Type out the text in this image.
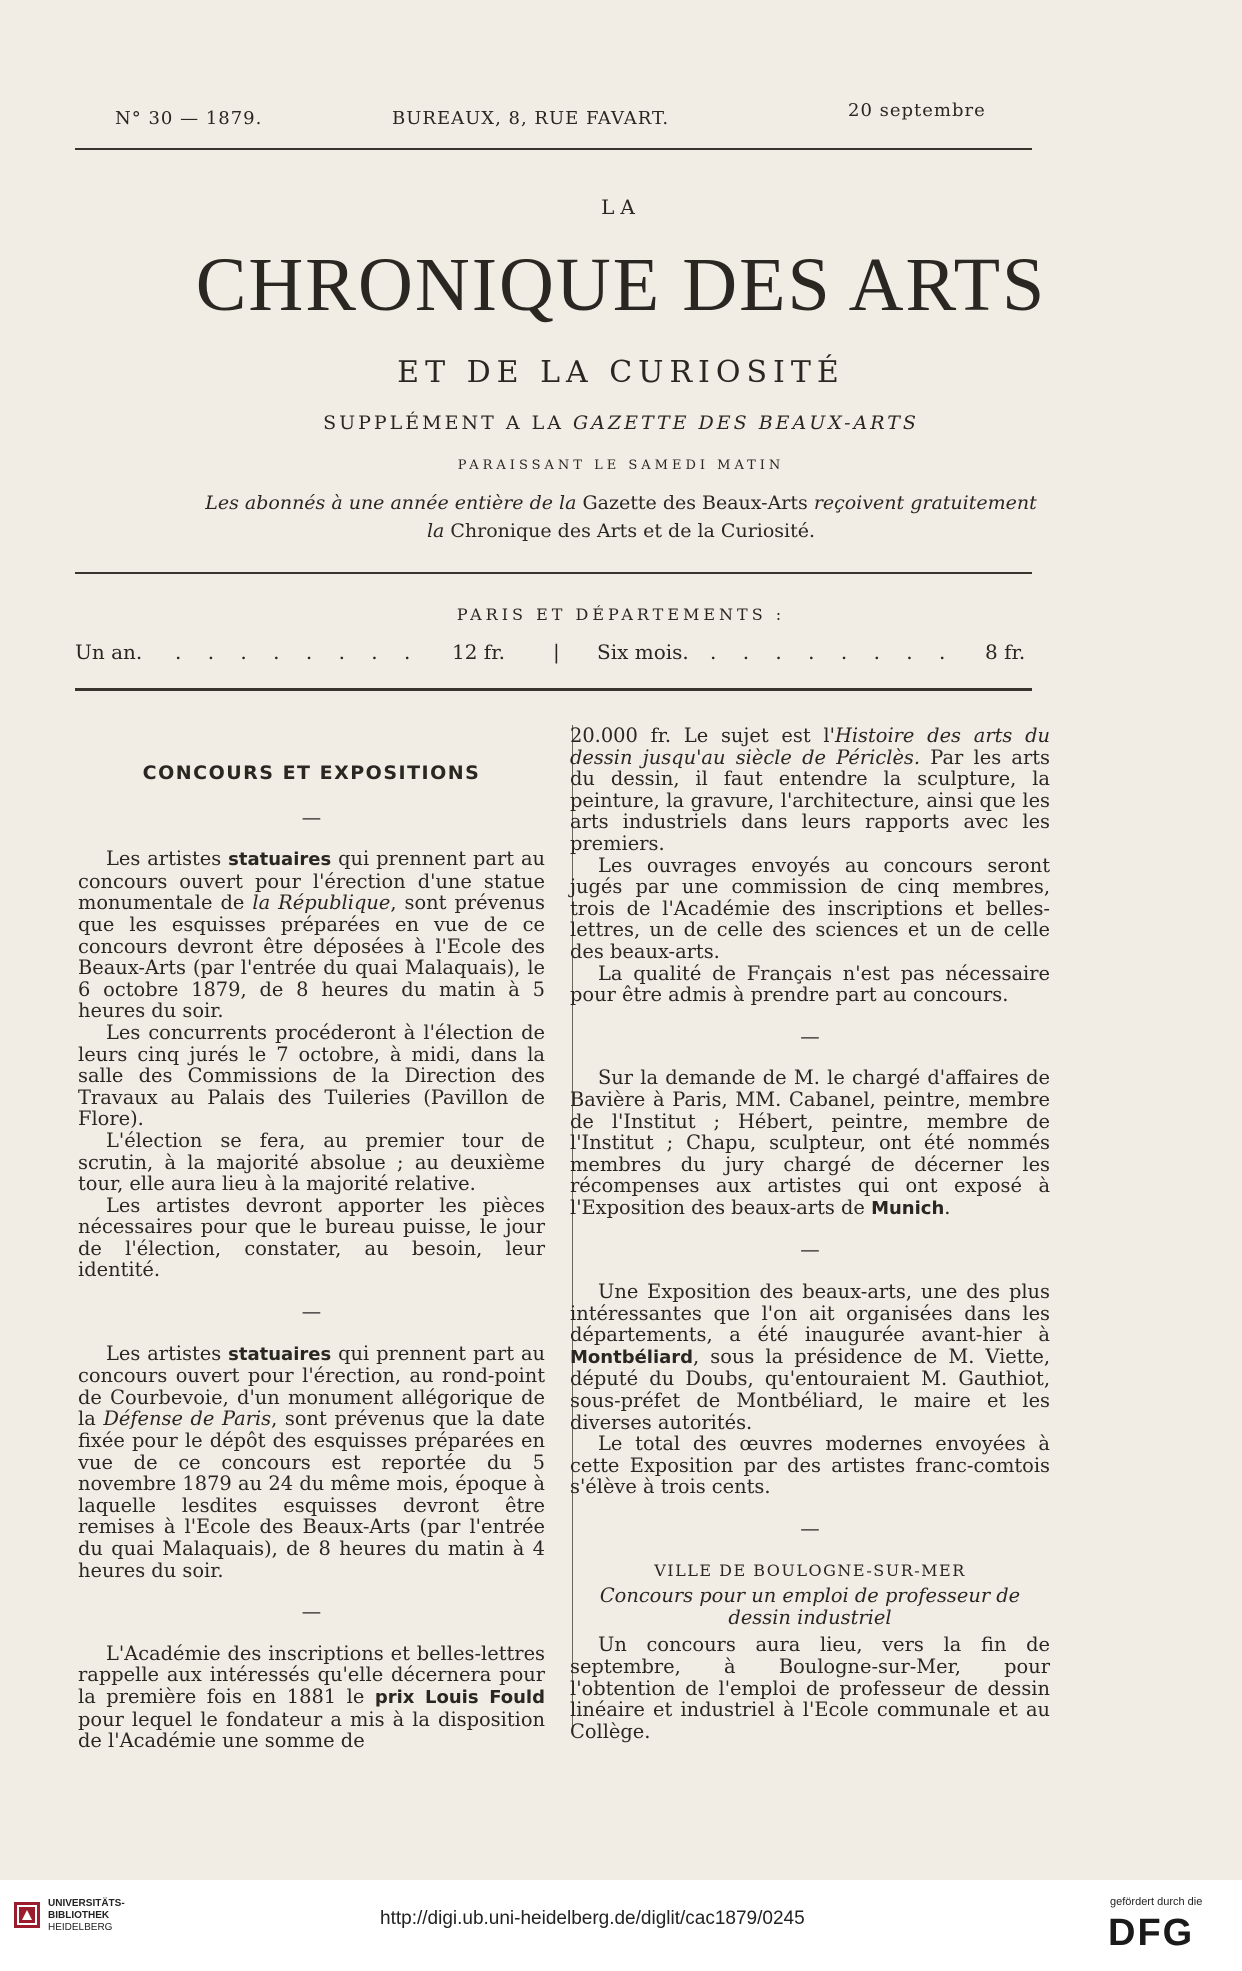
N° 30 — 1879.	BUREAUX, 8, RUE FAVART.	20 septembre
LA
CHRONIQUE DES ARTS
ET DE LA CURIOSITÉ
SUPPLÉMENT A LA GAZETTE DES BEAUX-ARTS
PARAISSANT LE SAMEDI MATIN
Les abonnés à une année entière de la Gazette des Beaux-Arts reçoivent gratuitement
la Chronique des Arts et de la Curiosité.
PARIS ET DÉPARTEMENTS :
Un an. . . . . . . . . 12 fr. | Six mois. . . . . . . . . 8 fr.
CONCOURS ET EXPOSITIONS
—

Les artistes statuaires qui prennent part au concours ouvert pour l'érection d'une statue monumentale de la République, sont prévenus que les esquisses préparées en vue de ce concours devront être déposées à l'Ecole des Beaux-Arts (par l'entrée du quai Malaquais), le 6 octobre 1879, de 8 heures du matin à 5 heures du soir.

Les concurrents procéderont à l'élection de leurs cinq jurés le 7 octobre, à midi, dans la salle des Commissions de la Direction des Travaux au Palais des Tuileries (Pavillon de Flore).

L'élection se fera, au premier tour de scrutin, à la majorité absolue ; au deuxième tour, elle aura lieu à la majorité relative.

Les artistes devront apporter les pièces nécessaires pour que le bureau puisse, le jour de l'élection, constater, au besoin, leur identité.

—

Les artistes statuaires qui prennent part au concours ouvert pour l'érection, au rond-point de Courbevoie, d'un monument allégorique de la Défense de Paris, sont prévenus que la date fixée pour le dépôt des esquisses préparées en vue de ce concours est reportée du 5 novembre 1879 au 24 du même mois, époque à laquelle lesdites esquisses devront être remises à l'Ecole des Beaux-Arts (par l'entrée du quai Malaquais), de 8 heures du matin à 4 heures du soir.

—

L'Académie des inscriptions et belles-lettres rappelle aux intéressés qu'elle décernera pour la première fois en 1881 le prix Louis Fould pour lequel le fondateur a mis à la disposition de l'Académie une somme de

20.000 fr. Le sujet est l'Histoire des arts du dessin jusqu'au siècle de Périclès. Par les arts du dessin, il faut entendre la sculpture, la peinture, la gravure, l'architecture, ainsi que les arts industriels dans leurs rapports avec les premiers.

Les ouvrages envoyés au concours seront jugés par une commission de cinq membres, trois de l'Académie des inscriptions et belles-lettres, un de celle des sciences et un de celle des beaux-arts.

La qualité de Français n'est pas nécessaire pour être admis à prendre part au concours.

—

Sur la demande de M. le chargé d'affaires de Bavière à Paris, MM. Cabanel, peintre, membre de l'Institut ; Hébert, peintre, membre de l'Institut ; Chapu, sculpteur, ont été nommés membres du jury chargé de décerner les récompenses aux artistes qui ont exposé à l'Exposition des beaux-arts de Munich.

—

Une Exposition des beaux-arts, une des plus intéressantes que l'on ait organisées dans les départements, a été inaugurée avant-hier à Montbéliard, sous la présidence de M. Viette, député du Doubs, qu'entouraient M. Gauthiot, sous-préfet de Montbéliard, le maire et les diverses autorités.

Le total des œuvres modernes envoyées à cette Exposition par des artistes franc-comtois s'élève à trois cents.

—
VILLE DE BOULOGNE-SUR-MER
Concours pour un emploi de professeur de dessin industriel

Un concours aura lieu, vers la fin de septembre, à Boulogne-sur-Mer, pour l'obtention de l'emploi de professeur de dessin linéaire et industriel à l'Ecole communale et au Collège.

UNIVERSITÄTS-
BIBLIOTHEK
HEIDELBERG	http://digi.ub.uni-heidelberg.de/diglit/cac1879/0245
gefördert durch die
DFG
